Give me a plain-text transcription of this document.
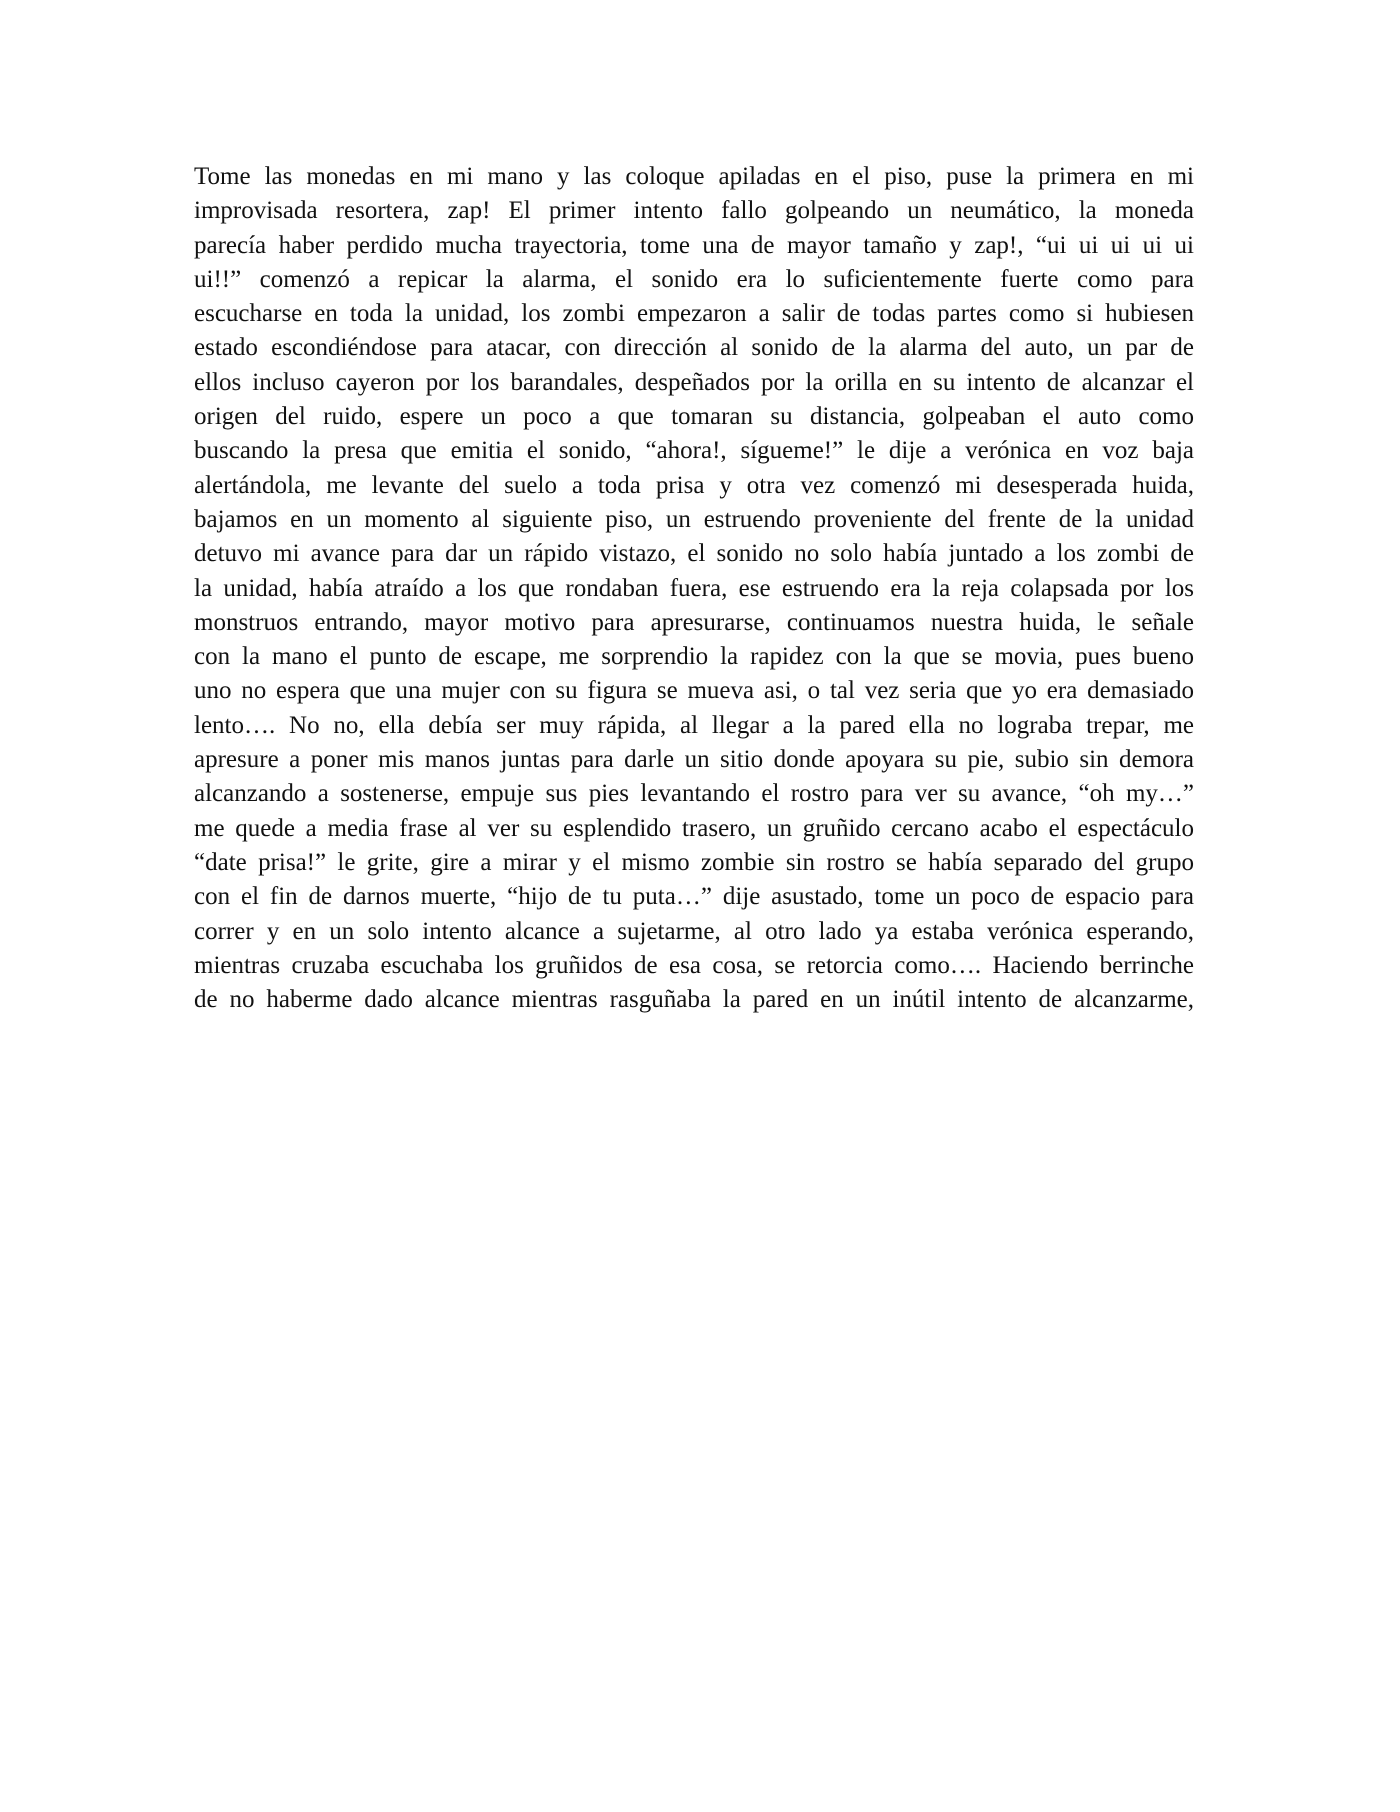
Tome las monedas en mi mano y las coloque apiladas en el piso, puse la primera en mi
improvisada resortera, zap! El primer intento fallo golpeando un neumático, la moneda
parecía haber perdido mucha trayectoria, tome una de mayor tamaño y zap!, “ui ui ui ui ui
ui!!” comenzó a repicar la alarma, el sonido era lo suficientemente fuerte como para
escucharse en toda la unidad, los zombi empezaron a salir de todas partes como si hubiesen
estado escondiéndose para atacar, con dirección al sonido de la alarma del auto, un par de
ellos incluso cayeron por los barandales, despeñados por la orilla en su intento de alcanzar el
origen del ruido, espere un poco a que tomaran su distancia, golpeaban el auto como
buscando la presa que emitia el sonido, “ahora!, sígueme!” le dije a verónica en voz baja
alertándola, me levante del suelo a toda prisa y otra vez comenzó mi desesperada huida,
bajamos en un momento al siguiente piso, un estruendo proveniente del frente de la unidad
detuvo mi avance para dar un rápido vistazo, el sonido no solo había juntado a los zombi de
la unidad, había atraído a los que rondaban fuera, ese estruendo era la reja colapsada por los
monstruos entrando, mayor motivo para apresurarse, continuamos nuestra huida, le señale
con la mano el punto de escape, me sorprendio la rapidez con la que se movia, pues bueno
uno no espera que una mujer con su figura se mueva asi, o tal vez seria que yo era demasiado
lento…. No no, ella debía ser muy rápida, al llegar a la pared ella no lograba trepar, me
apresure a poner mis manos juntas para darle un sitio donde apoyara su pie, subio sin demora
alcanzando a sostenerse, empuje sus pies levantando el rostro para ver su avance, “oh my…”
me quede a media frase al ver su esplendido trasero, un gruñido cercano acabo el espectáculo
“date prisa!” le grite, gire a mirar y el mismo zombie sin rostro se había separado del grupo
con el fin de darnos muerte, “hijo de tu puta…” dije asustado, tome un poco de espacio para
correr y en un solo intento alcance a sujetarme, al otro lado ya estaba verónica esperando,
mientras cruzaba escuchaba los gruñidos de esa cosa, se retorcia como…. Haciendo berrinche
de no haberme dado alcance mientras rasguñaba la pared en un inútil intento de alcanzarme,
